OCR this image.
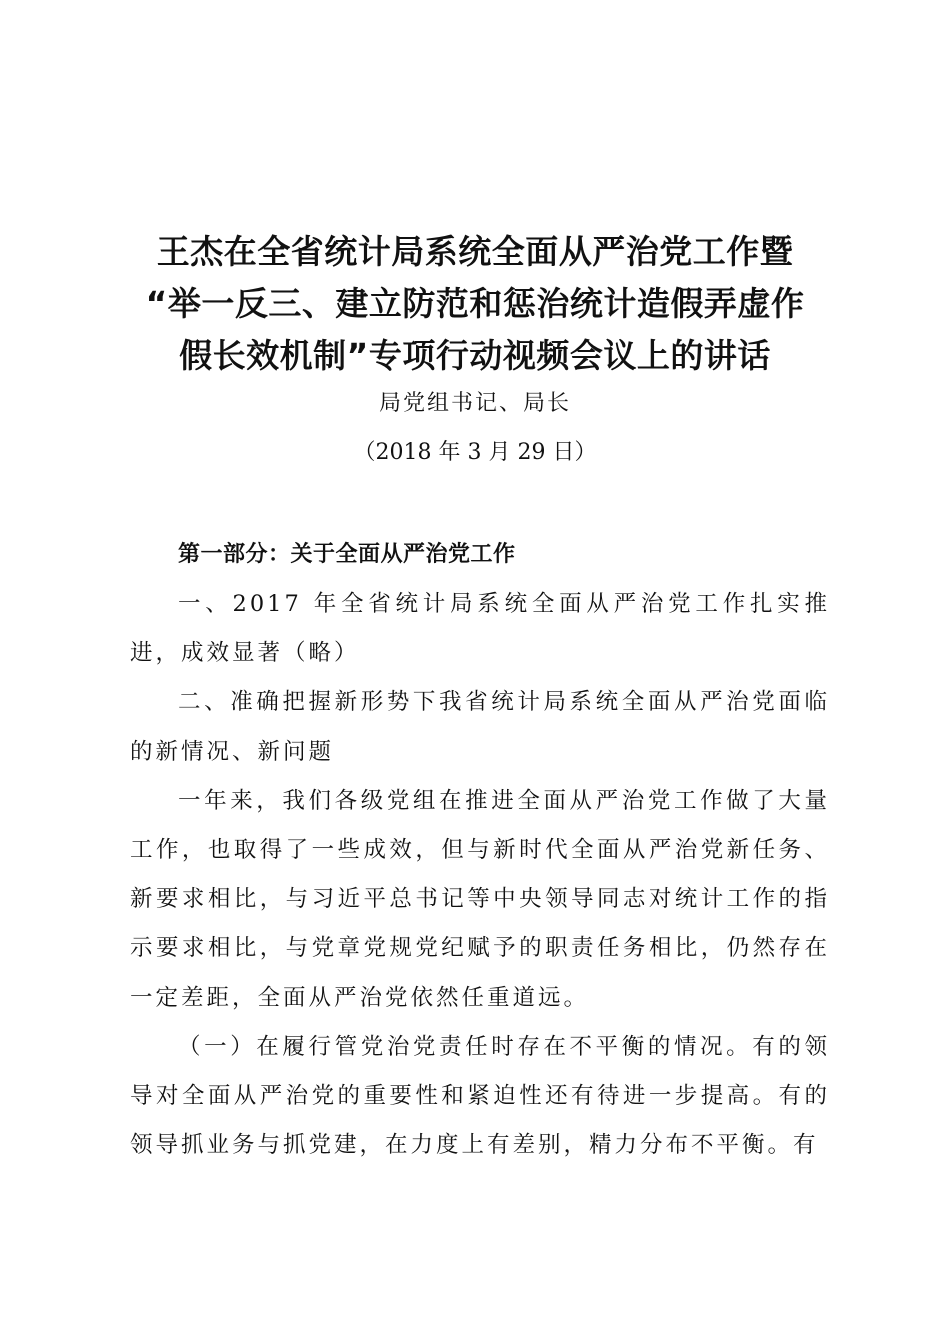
王杰在全省统计局系统全面从严治党工作暨
“举一反三、建立防范和惩治统计造假弄虚作
假长效机制”专项行动视频会议上的讲话
局党组书记、局长
（2018 年 3 月 29 日）
第一部分：关于全面从严治党工作

一、2017 年全省统计局系统全面从严治党工作扎实推进，成效显著（略）

二、准确把握新形势下我省统计局系统全面从严治党面临的新情况、新问题

一年来，我们各级党组在推进全面从严治党工作做了大量工作，也取得了一些成效，但与新时代全面从严治党新任务、新要求相比，与习近平总书记等中央领导同志对统计工作的指示要求相比，与党章党规党纪赋予的职责任务相比，仍然存在一定差距，全面从严治党依然任重道远。

（一）在履行管党治党责任时存在不平衡的情况。有的领导对全面从严治党的重要性和紧迫性还有待进一步提高。有的领导抓业务与抓党建，在力度上有差别，精力分布不平衡。有
